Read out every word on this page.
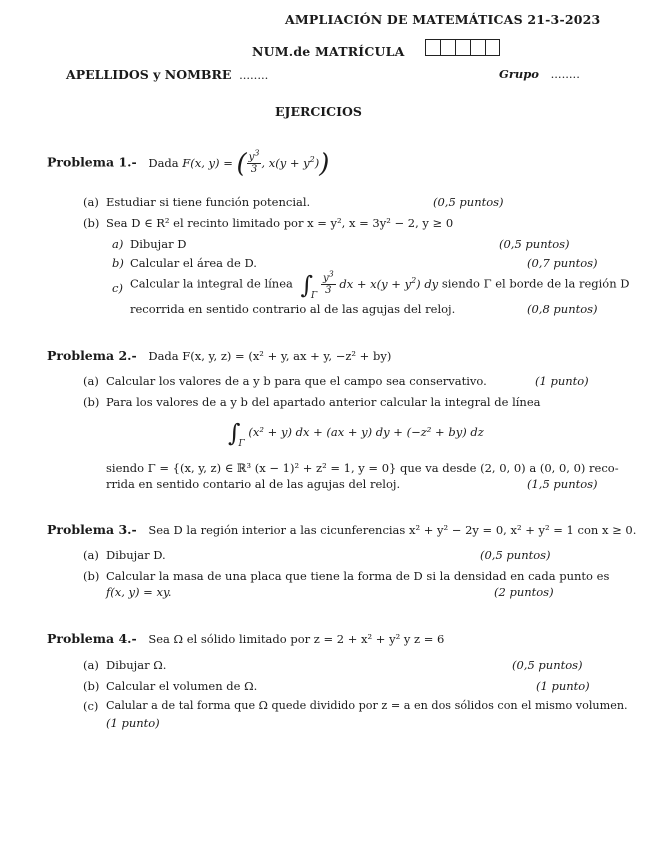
AMPLIACIÓN DE MATEMÁTICAS 21-3-2023
NUM.de MATRÍCULA
APELLIDOS y NOMBRE ........	Grupo ........
EJERCICIOS
Problema 1.- Dada F(x, y) = ( $\frac{y^3}{3}$ , $x(y + y^2)$)
(a) Estudiar si tiene función potencial.	(0,5 puntos)
(b) Sea D ∈ R² el recinto limitado por x = y², x = 3y² − 2, y ≥ 0
a) Dibujar D	(0,5 puntos)
b) Calcular el área de D.	(0,7 puntos)
c) Calcular la integral de línea $\int_\Gamma \frac{y^3}{3}$ dx + $x(y + y^2)$ dy siendo Γ el borde de la región D
recorrida en sentido contrario al de las agujas del reloj.	(0,8 puntos)
Problema 2.- Dada F(x, y, z) = (x² + y, ax + y, −z² + by)
(a) Calcular los valores de a y b para que el campo sea conservativo.	(1 punto)
(b) Para los valores de a y b del apartado anterior calcular la integral de línea
$\int_\Gamma$ (x² + y) dx + (ax + y) dy + (−z² + by) dz
siendo Γ = {(x, y, z) ∈ ℝ³ (x − 1)² + z² = 1, y = 0} que va desde (2, 0, 0) a (0, 0, 0) reco-
rrida en sentido contario al de las agujas del reloj.	(1,5 puntos)
Problema 3.- Sea D la región interior a las cicunferencias x² + y² − 2y = 0, x² + y² = 1 con x ≥ 0.
(a) Dibujar D.	(0,5 puntos)
(b) Calcular la masa de una placa que tiene la forma de D si la densidad en cada punto es
f(x, y) = xy.	(2 puntos)
Problema 4.- Sea Ω el sólido limitado por z = 2 + x² + y² y z = 6
(a) Dibujar Ω.	(0,5 puntos)
(b) Calcular el volumen de Ω.	(1 punto)
(c) Calular a de tal forma que Ω quede dividido por z = a en dos sólidos con el mismo volumen.
(1 punto)
